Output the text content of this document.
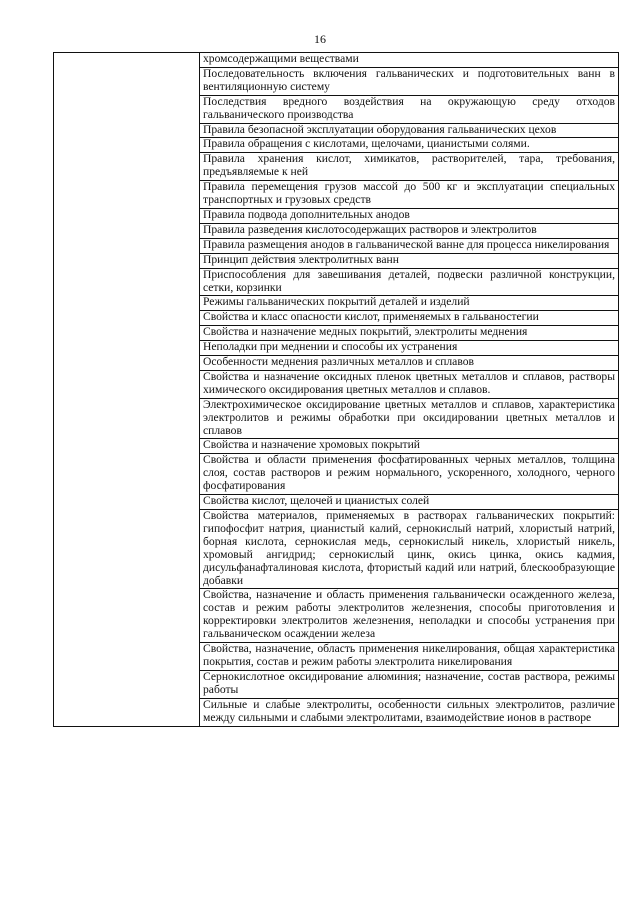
16

хромсодержащими веществами

Последовательность включения гальванических и подготовительных ванн в вентиляционную систему

Последствия вредного воздействия на окружающую среду отходов гальванического производства

Правила безопасной эксплуатации оборудования гальванических цехов

Правила обращения с кислотами, щелочами, цианистыми солями.

Правила хранения кислот, химикатов, растворителей, тара, требования, предъявляемые к ней

Правила перемещения грузов массой до 500 кг и эксплуатации специальных транспортных и грузовых средств

Правила подвода дополнительных анодов

Правила разведения кислотосодержащих растворов и электролитов

Правила размещения анодов в гальванической ванне для процесса никелирования

Принцип действия электролитных ванн

Приспособления для завешивания деталей, подвески различной конструкции, сетки, корзинки

Режимы гальванических покрытий деталей и изделий

Свойства и класс опасности кислот, применяемых в гальваностегии

Свойства и назначение медных покрытий, электролиты меднения

Неполадки при меднении и способы их устранения

Особенности меднения различных металлов и сплавов

Свойства и назначение оксидных пленок цветных металлов и сплавов, растворы химического оксидирования цветных металлов и сплавов.

Электрохимическое оксидирование цветных металлов и сплавов, характеристика электролитов и режимы обработки при оксидировании цветных металлов и сплавов

Свойства и назначение хромовых покрытий

Свойства и области применения фосфатированных черных металлов, толщина слоя, состав растворов и режим нормального, ускоренного, холодного, черного фосфатирования

Свойства кислот, щелочей и цианистых солей

Свойства материалов, применяемых в растворах гальванических покрытий: гипофосфит натрия, цианистый калий, сернокислый натрий, хлористый натрий, борная кислота, сернокислая медь, сернокислый никель, хлористый никель, хромовый ангидрид; сернокислый цинк, окись цинка, окись кадмия, дисульфанафталиновая кислота, фтористый кадий или натрий, блескообразующие добавки

Свойства, назначение и область применения гальванически осажденного железа, состав и режим работы электролитов железнения, способы приготовления и корректировки электролитов железнения, неполадки и способы устранения при гальваническом осаждении железа

Свойства, назначение, область применения никелирования, общая характеристика покрытия, состав и режим работы электролита никелирования

Сернокислотное оксидирование алюминия; назначение, состав раствора, режимы работы

Сильные и слабые электролиты, особенности сильных электролитов, различие между сильными и слабыми электролитами, взаимодействие ионов в растворе
